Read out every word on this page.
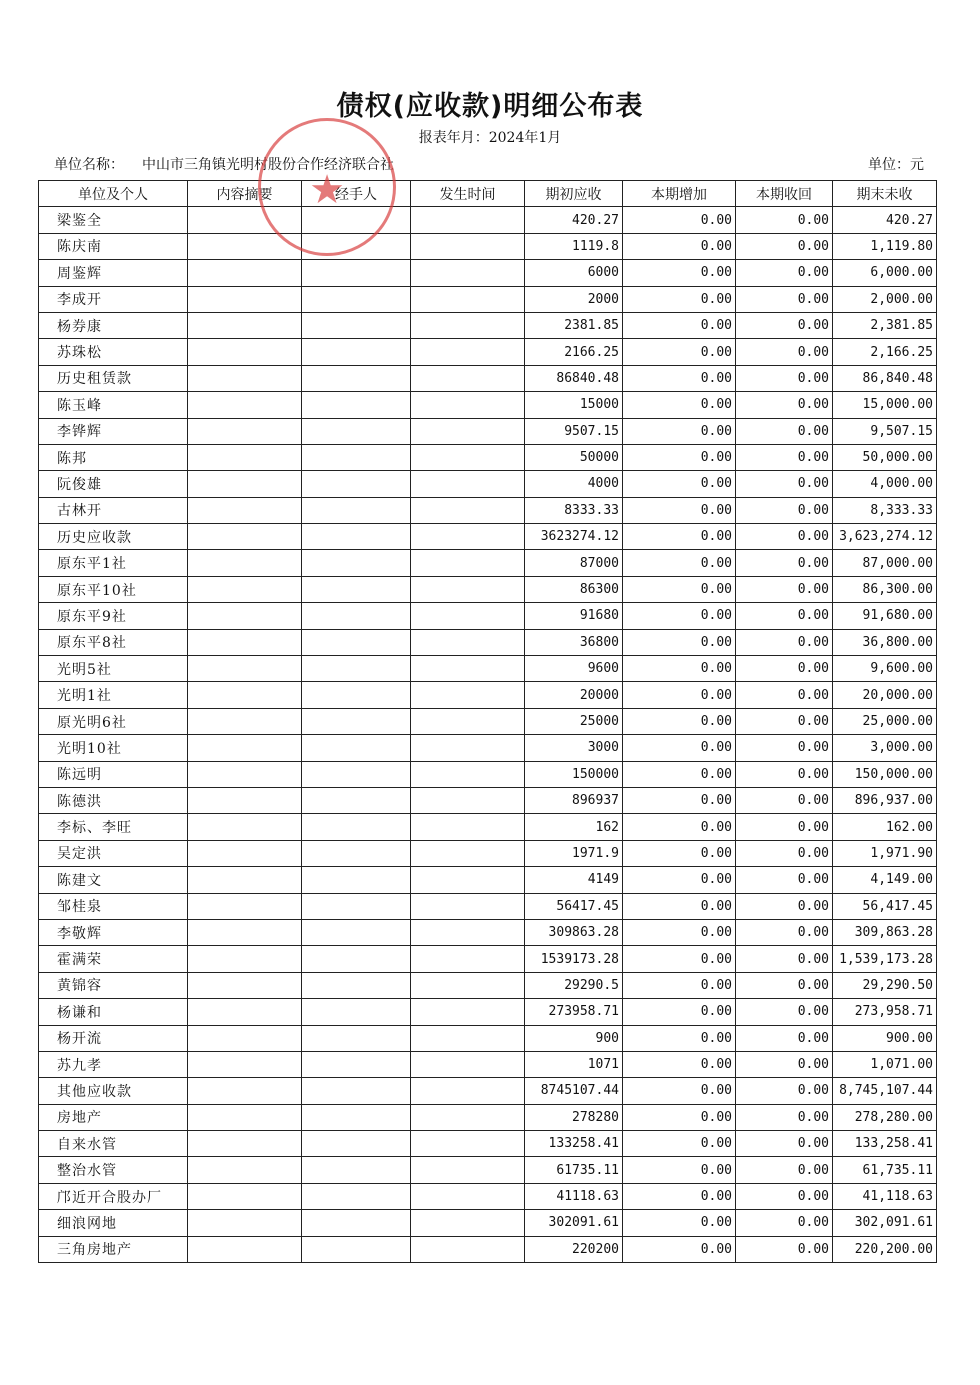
债权(应收款)明细公布表
报表年月：2024年1月
单位名称： 中山市三角镇光明村股份合作经济联合社	单位：元
单位及个人	内容摘要	经手人	发生时间	期初应收	本期增加	本期收回	期末未收
梁鉴全				420.27	0.00	0.00	420.27
陈庆南				1119.8	0.00	0.00	1,119.80
周鉴辉				6000	0.00	0.00	6,000.00
李成开				2000	0.00	0.00	2,000.00
杨券康				2381.85	0.00	0.00	2,381.85
苏珠松				2166.25	0.00	0.00	2,166.25
历史租赁款				86840.48	0.00	0.00	86,840.48
陈玉峰				15000	0.00	0.00	15,000.00
李铧辉				9507.15	0.00	0.00	9,507.15
陈邦				50000	0.00	0.00	50,000.00
阮俊雄				4000	0.00	0.00	4,000.00
古林开				8333.33	0.00	0.00	8,333.33
历史应收款				3623274.12	0.00	0.00	3,623,274.12
原东平1社				87000	0.00	0.00	87,000.00
原东平10社				86300	0.00	0.00	86,300.00
原东平9社				91680	0.00	0.00	91,680.00
原东平8社				36800	0.00	0.00	36,800.00
光明5社				9600	0.00	0.00	9,600.00
光明1社				20000	0.00	0.00	20,000.00
原光明6社				25000	0.00	0.00	25,000.00
光明10社				3000	0.00	0.00	3,000.00
陈远明				150000	0.00	0.00	150,000.00
陈德洪				896937	0.00	0.00	896,937.00
李标、李旺				162	0.00	0.00	162.00
吴定洪				1971.9	0.00	0.00	1,971.90
陈建文				4149	0.00	0.00	4,149.00
邹桂泉				56417.45	0.00	0.00	56,417.45
李敬辉				309863.28	0.00	0.00	309,863.28
霍满荣				1539173.28	0.00	0.00	1,539,173.28
黄锦容				29290.5	0.00	0.00	29,290.50
杨谦和				273958.71	0.00	0.00	273,958.71
杨开流				900	0.00	0.00	900.00
苏九孝				1071	0.00	0.00	1,071.00
其他应收款				8745107.44	0.00	0.00	8,745,107.44
房地产				278280	0.00	0.00	278,280.00
自来水管				133258.41	0.00	0.00	133,258.41
整治水管				61735.11	0.00	0.00	61,735.11
邝近开合股办厂				41118.63	0.00	0.00	41,118.63
细浪网地				302091.61	0.00	0.00	302,091.61
三角房地产				220200	0.00	0.00	220,200.00
★
